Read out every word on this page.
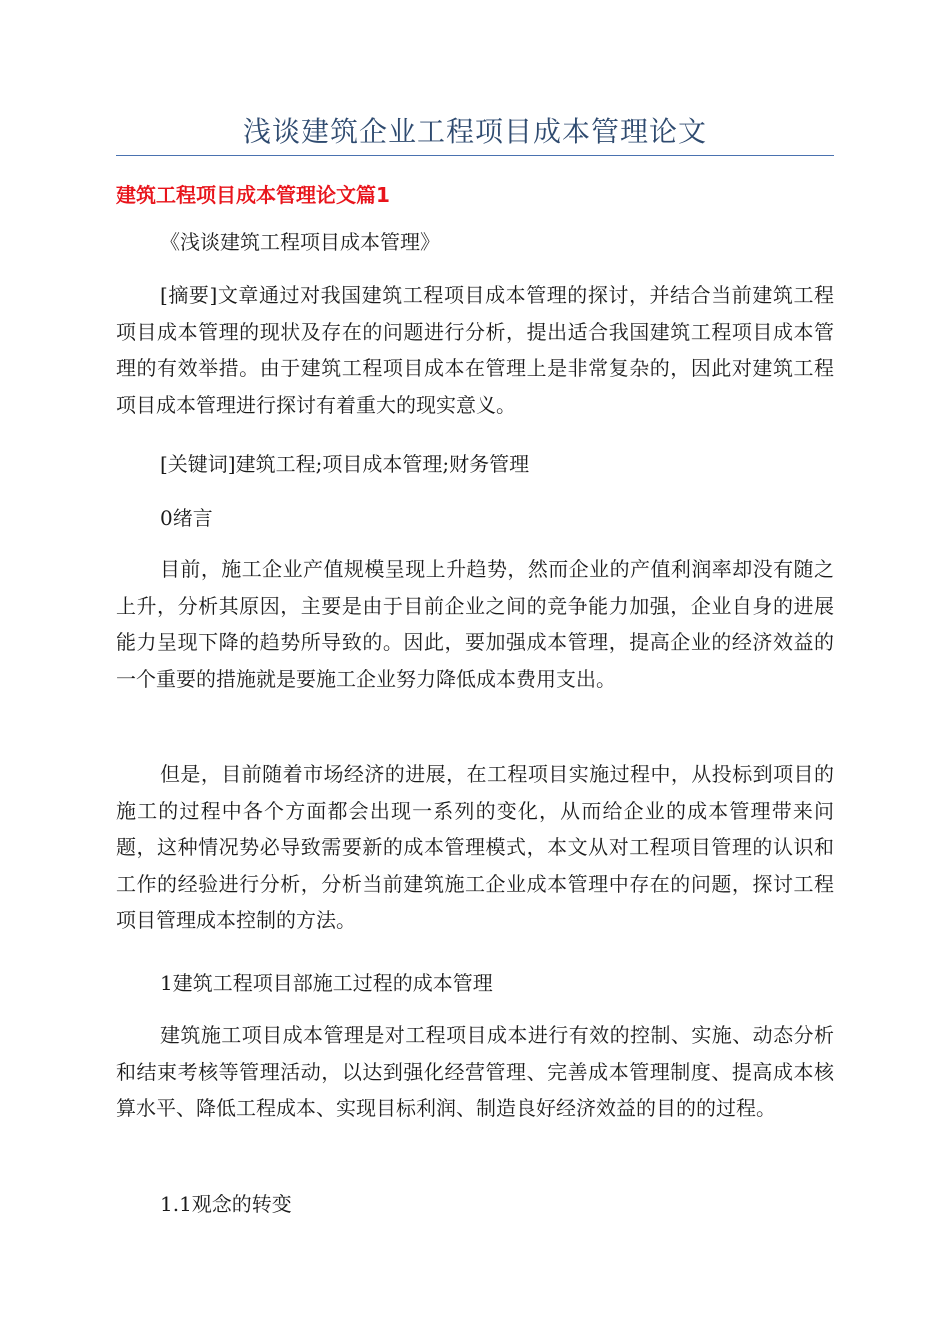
浅谈建筑企业工程项目成本管理论文
建筑工程项目成本管理论文篇1

《浅谈建筑工程项目成本管理》

[摘要]文章通过对我国建筑工程项目成本管理的探讨，并结合当前建筑工程项目成本管理的现状及存在的问题进行分析，提出适合我国建筑工程项目成本管理的有效举措。由于建筑工程项目成本在管理上是非常复杂的，因此对建筑工程项目成本管理进行探讨有着重大的现实意义。

[关键词]建筑工程;项目成本管理;财务管理

0绪言

目前，施工企业产值规模呈现上升趋势，然而企业的产值利润率却没有随之上升，分析其原因，主要是由于目前企业之间的竞争能力加强，企业自身的进展能力呈现下降的趋势所导致的。因此，要加强成本管理，提高企业的经济效益的一个重要的措施就是要施工企业努力降低成本费用支出。

但是，目前随着市场经济的进展，在工程项目实施过程中，从投标到项目的施工的过程中各个方面都会出现一系列的变化，从而给企业的成本管理带来问题，这种情况势必导致需要新的成本管理模式，本文从对工程项目管理的认识和工作的经验进行分析，分析当前建筑施工企业成本管理中存在的问题，探讨工程项目管理成本控制的方法。

1建筑工程项目部施工过程的成本管理

建筑施工项目成本管理是对工程项目成本进行有效的控制、实施、动态分析和结束考核等管理活动，以达到强化经营管理、完善成本管理制度、提高成本核算水平、降低工程成本、实现目标利润、制造良好经济效益的目的的过程。

1.1观念的转变
